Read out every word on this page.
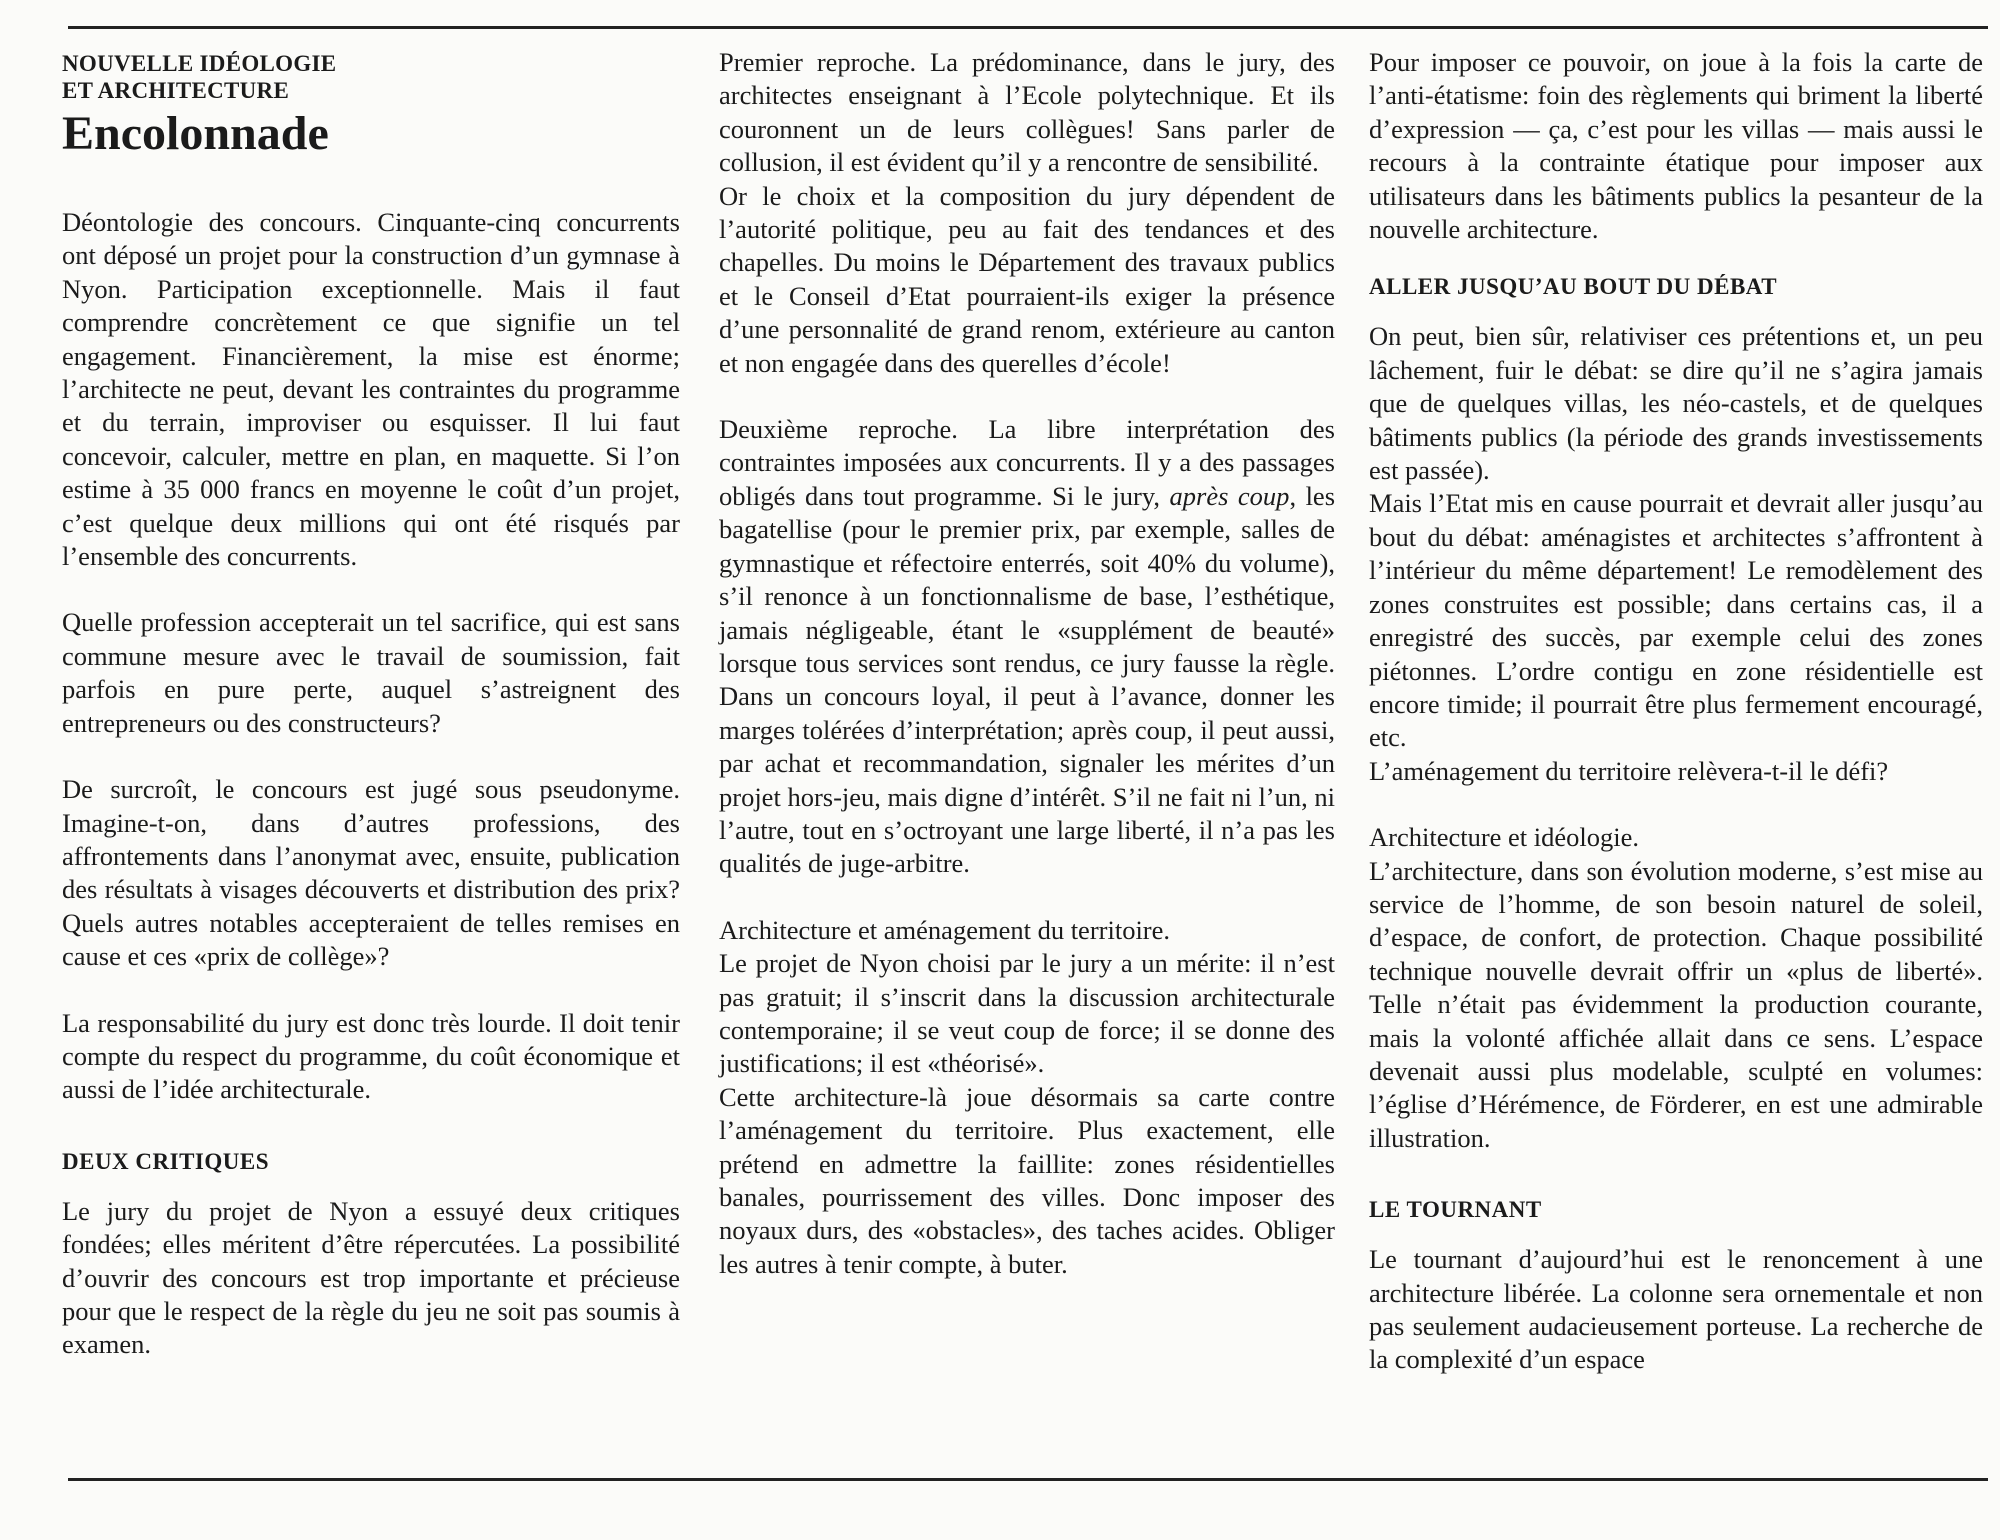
NOUVELLE IDÉOLOGIE
ET ARCHITECTURE
Encolonnade

Déontologie des concours. Cinquante-cinq concurrents ont déposé un projet pour la construction d’un gymnase à Nyon. Participation exceptionnelle. Mais il faut comprendre concrètement ce que signifie un tel engagement. Financièrement, la mise est énorme; l’architecte ne peut, devant les contraintes du programme et du terrain, improviser ou esquisser. Il lui faut concevoir, calculer, mettre en plan, en maquette. Si l’on estime à 35 000 francs en moyenne le coût d’un projet, c’est quelque deux millions qui ont été risqués par l’ensemble des concurrents.

Quelle profession accepterait un tel sacrifice, qui est sans commune mesure avec le travail de soumission, fait parfois en pure perte, auquel s’astreignent des entrepreneurs ou des constructeurs?

De surcroît, le concours est jugé sous pseudonyme. Imagine-t-on, dans d’autres professions, des affrontements dans l’anonymat avec, ensuite, publication des résultats à visages découverts et distribution des prix? Quels autres notables accepteraient de telles remises en cause et ces «prix de collège»?

La responsabilité du jury est donc très lourde. Il doit tenir compte du respect du programme, du coût économique et aussi de l’idée architecturale.

DEUX CRITIQUES

Le jury du projet de Nyon a essuyé deux critiques fondées; elles méritent d’être répercutées. La possibilité d’ouvrir des concours est trop importante et précieuse pour que le respect de la règle du jeu ne soit pas soumis à examen.

Premier reproche. La prédominance, dans le jury, des architectes enseignant à l’Ecole polytechnique. Et ils couronnent un de leurs collègues! Sans parler de collusion, il est évident qu’il y a rencontre de sensibilité.

Or le choix et la composition du jury dépendent de l’autorité politique, peu au fait des tendances et des chapelles. Du moins le Département des travaux publics et le Conseil d’Etat pourraient-ils exiger la présence d’une personnalité de grand renom, extérieure au canton et non engagée dans des querelles d’école!

Deuxième reproche. La libre interprétation des contraintes imposées aux concurrents. Il y a des passages obligés dans tout programme. Si le jury, après coup, les bagatellise (pour le premier prix, par exemple, salles de gymnastique et réfectoire enterrés, soit 40% du volume), s’il renonce à un fonctionnalisme de base, l’esthétique, jamais négligeable, étant le «supplément de beauté» lorsque tous services sont rendus, ce jury fausse la règle. Dans un concours loyal, il peut à l’avance, donner les marges tolérées d’interprétation; après coup, il peut aussi, par achat et recommandation, signaler les mérites d’un projet hors-jeu, mais digne d’intérêt. S’il ne fait ni l’un, ni l’autre, tout en s’octroyant une large liberté, il n’a pas les qualités de juge-arbitre.

Architecture et aménagement du territoire.

Le projet de Nyon choisi par le jury a un mérite: il n’est pas gratuit; il s’inscrit dans la discussion architecturale contemporaine; il se veut coup de force; il se donne des justifications; il est «théorisé».

Cette architecture-là joue désormais sa carte contre l’aménagement du territoire. Plus exactement, elle prétend en admettre la faillite: zones résidentielles banales, pourrissement des villes. Donc imposer des noyaux durs, des «obstacles», des taches acides. Obliger les autres à tenir compte, à buter.

Pour imposer ce pouvoir, on joue à la fois la carte de l’anti-étatisme: foin des règlements qui briment la liberté d’expression — ça, c’est pour les villas — mais aussi le recours à la contrainte étatique pour imposer aux utilisateurs dans les bâtiments publics la pesanteur de la nouvelle architecture.

ALLER JUSQU’AU BOUT DU DÉBAT

On peut, bien sûr, relativiser ces prétentions et, un peu lâchement, fuir le débat: se dire qu’il ne s’agira jamais que de quelques villas, les néo-castels, et de quelques bâtiments publics (la période des grands investissements est passée).

Mais l’Etat mis en cause pourrait et devrait aller jusqu’au bout du débat: aménagistes et architectes s’affrontent à l’intérieur du même département! Le remodèlement des zones construites est possible; dans certains cas, il a enregistré des succès, par exemple celui des zones piétonnes. L’ordre contigu en zone résidentielle est encore timide; il pourrait être plus fermement encouragé, etc.

L’aménagement du territoire relèvera-t-il le défi?

Architecture et idéologie.

L’architecture, dans son évolution moderne, s’est mise au service de l’homme, de son besoin naturel de soleil, d’espace, de confort, de protection. Chaque possibilité technique nouvelle devrait offrir un «plus de liberté». Telle n’était pas évidemment la production courante, mais la volonté affichée allait dans ce sens. L’espace devenait aussi plus modelable, sculpté en volumes: l’église d’Hérémence, de Förderer, en est une admirable illustration.

LE TOURNANT

Le tournant d’aujourd’hui est le renoncement à une architecture libérée. La colonne sera ornementale et non pas seulement audacieusement porteuse. La recherche de la complexité d’un espace
